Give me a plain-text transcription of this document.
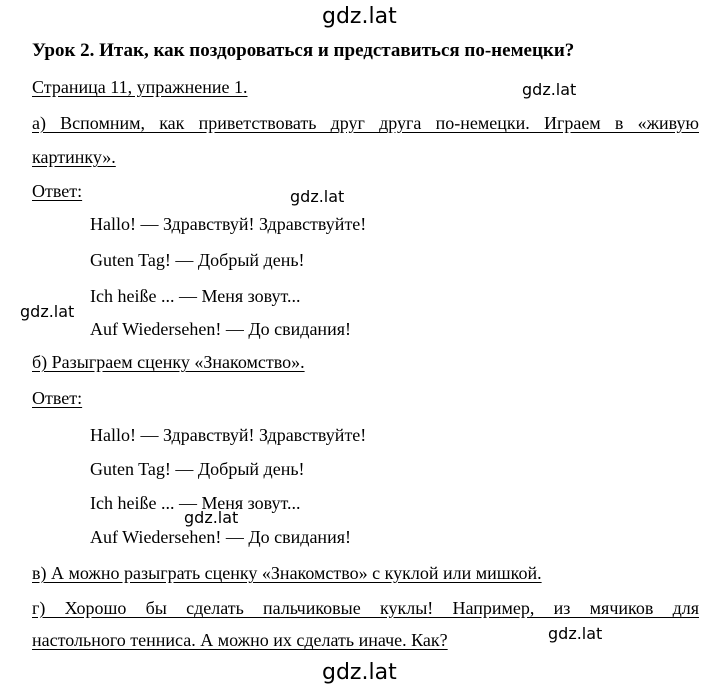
gdz.lat
gdz.lat
gdz.lat
gdz.lat
gdz.lat
gdz.lat
gdz.lat
Урок 2. Итак, как поздороваться и представиться по-немецки?
Страница 11, упражнение 1.
а) Вспомним, как приветствовать друг друга по-немецки. Играем в «живую
картинку».
Ответ:
Hallo! — Здравствуй! Здравствуйте!
Guten Tag! — Добрый день!
Ich heiße ... — Меня зовут...
Auf Wiedersehen! — До свидания!
б) Разыграем сценку «Знакомство».
Ответ:
Hallo! — Здравствуй! Здравствуйте!
Guten Tag! — Добрый день!
Ich heiße ... — Меня зовут...
Auf Wiedersehen! — До свидания!
в) А можно разыграть сценку «Знакомство» с куклой или мишкой.
г) Хорошо бы сделать пальчиковые куклы! Например, из мячиков для
настольного тенниса. А можно их сделать иначе. Как?
